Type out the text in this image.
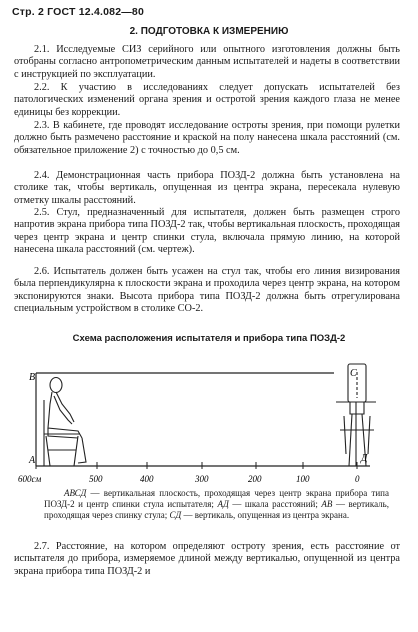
Стр. 2 ГОСТ 12.4.082—80
2. ПОДГОТОВКА К ИЗМЕРЕНИЮ

2.1. Исследуемые СИЗ серийного или опытного изготовления должны быть отобраны согласно антропометрическим данным испытателей и надеты в соответствии с инструкцией по эксплуатации.

2.2. К участию в исследованиях следует допускать испытателей без патологических изменений органа зрения и остротой зрения каждого глаза не менее единицы без коррекции.

2.3. В кабинете, где проводят исследование остроты зрения, при помощи рулетки должно быть размечено расстояние и краской на полу нанесена шкала расстояний (см. обязательное приложение 2) с точностью до 0,5 см.

2.4. Демонстрационная часть прибора ПОЗД-2 должна быть установлена на столике так, чтобы вертикаль, опущенная из центра экрана, пересекала нулевую отметку шкалы расстояний.

2.5. Стул, предназначенный для испытателя, должен быть размещен строго напротив экрана прибора типа ПОЗД-2 так, чтобы вертикальная плоскость, проходящая через центр экрана и центр спинки стула, включала прямую линию, на которой нанесена шкала расстояний (см. чертеж).

2.6. Испытатель должен быть усажен на стул так, чтобы его линия визирования была перпендикулярна к плоскости экрана и проходила через центр экрана, на котором экспонируются знаки. Высота прибора типа ПОЗД-2 должна быть отрегулирована специальным устройством в столике СО-2.

Схема расположения испытателя и прибора типа ПОЗД-2
В	С
А	Д
600см	500	400	300	200	100	0

АВСД — вертикальная плоскость, проходящая через центр экрана прибора типа ПОЗД-2 и центр спинки стула испытателя; АД — шкала расстояний; АВ — вертикаль, проходящая через спинку стула; СД — вертикаль, опущенная из центра экрана.

2.7. Расстояние, на котором определяют остроту зрения, есть расстояние от испытателя до прибора, измеряемое длиной между вертикалью, опущенной из центра экрана прибора типа ПОЗД-2 и
